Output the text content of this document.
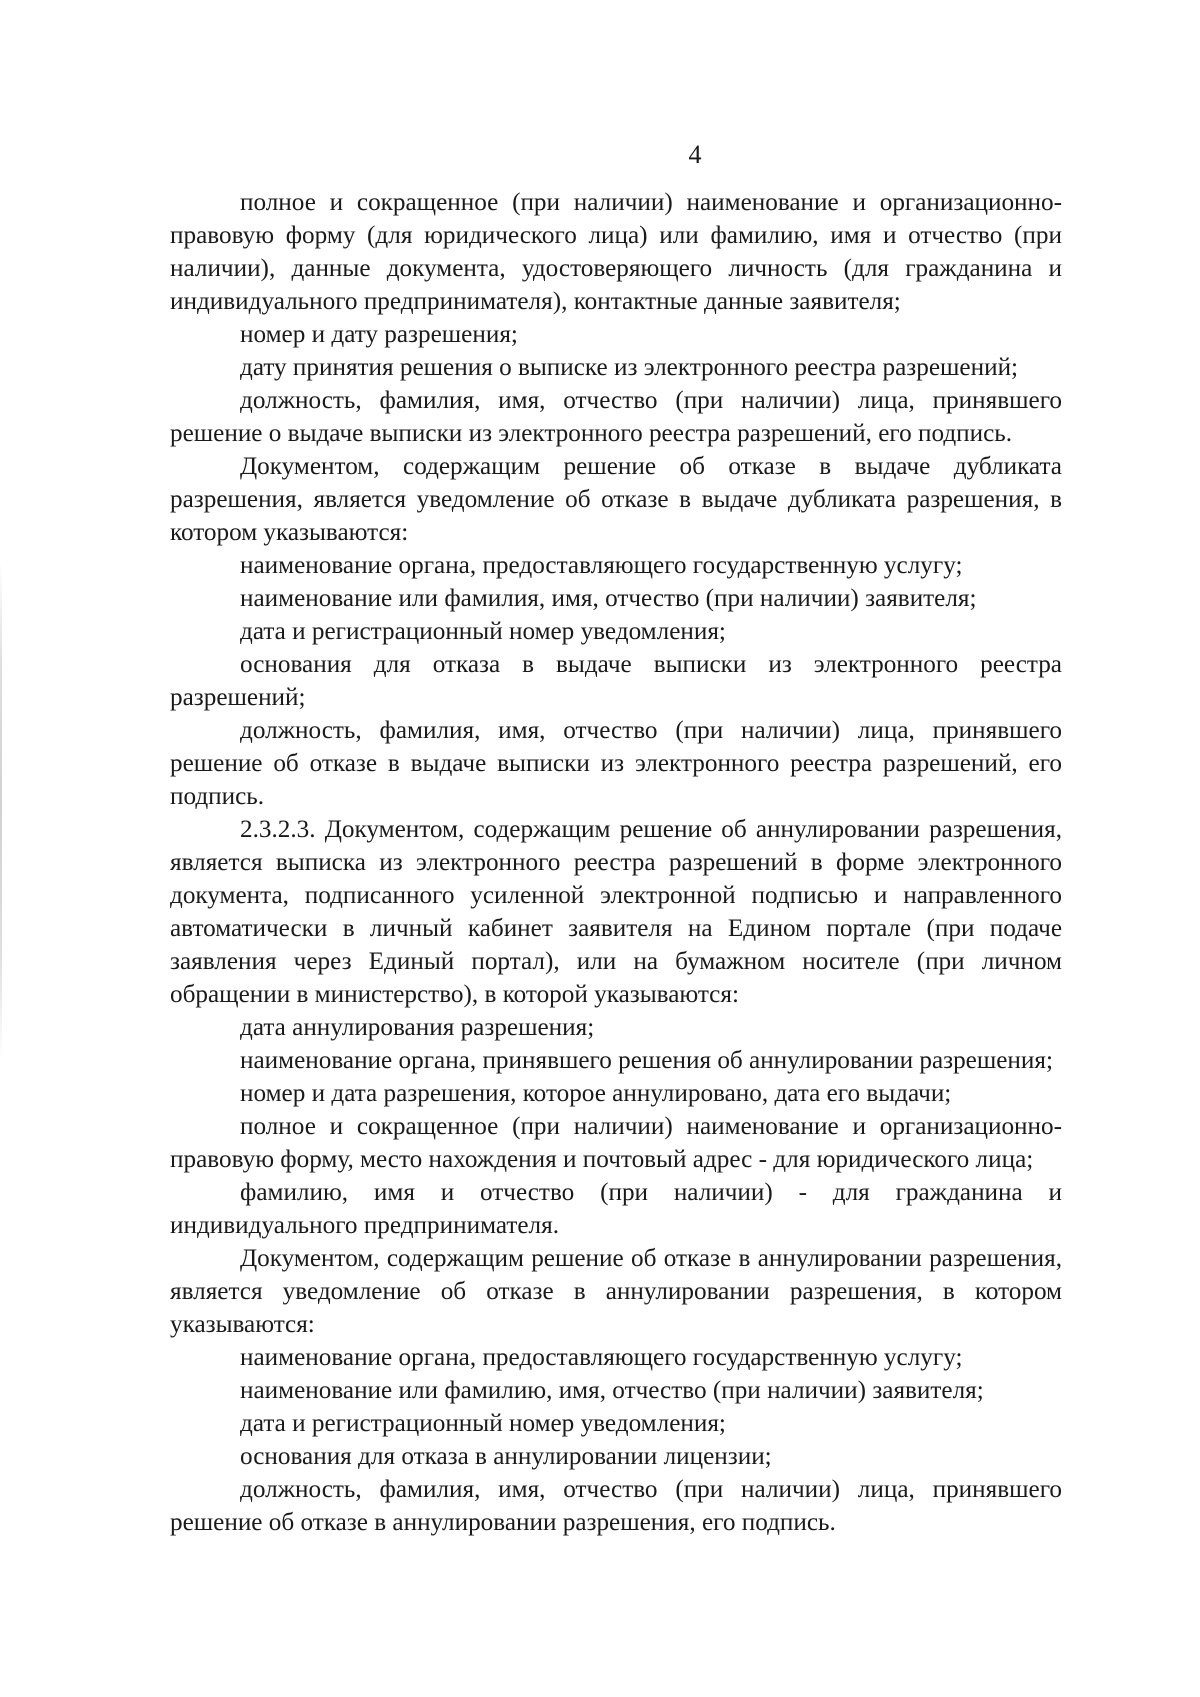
4

полное и сокращенное (при наличии) наименование и организационно-правовую форму (для юридического лица) или фамилию, имя и отчество (при наличии), данные документа, удостоверяющего личность (для гражданина и индивидуального предпринимателя), контактные данные заявителя;

номер и дату разрешения;

дату принятия решения о выписке из электронного реестра разрешений;

должность, фамилия, имя, отчество (при наличии) лица, принявшего решение о выдаче выписки из электронного реестра разрешений, его подпись.

Документом, содержащим решение об отказе в выдаче дубликата разрешения, является уведомление об отказе в выдаче дубликата разрешения, в котором указываются:

наименование органа, предоставляющего государственную услугу;

наименование или фамилия, имя, отчество (при наличии) заявителя;

дата и регистрационный номер уведомления;

основания для отказа в выдаче выписки из электронного реестра разрешений;

должность, фамилия, имя, отчество (при наличии) лица, принявшего решение об отказе в выдаче выписки из электронного реестра разрешений, его подпись.

2.3.2.3. Документом, содержащим решение об аннулировании разрешения, является выписка из электронного реестра разрешений в форме электронного документа, подписанного усиленной электронной подписью и направленного автоматически в личный кабинет заявителя на Едином портале (при подаче заявления через Единый портал), или на бумажном носителе (при личном обращении в министерство), в которой указываются:

дата аннулирования разрешения;

наименование органа, принявшего решения об аннулировании разрешения;

номер и дата разрешения, которое аннулировано, дата его выдачи;

полное и сокращенное (при наличии) наименование и организационно-правовую форму, место нахождения и почтовый адрес - для юридического лица;

фамилию, имя и отчество (при наличии) - для гражданина и индивидуального предпринимателя.

Документом, содержащим решение об отказе в аннулировании разрешения, является уведомление об отказе в аннулировании разрешения, в котором указываются:

наименование органа, предоставляющего государственную услугу;

наименование или фамилию, имя, отчество (при наличии) заявителя;

дата и регистрационный номер уведомления;

основания для отказа в аннулировании лицензии;

должность, фамилия, имя, отчество (при наличии) лица, принявшего решение об отказе в аннулировании разрешения, его подпись.
